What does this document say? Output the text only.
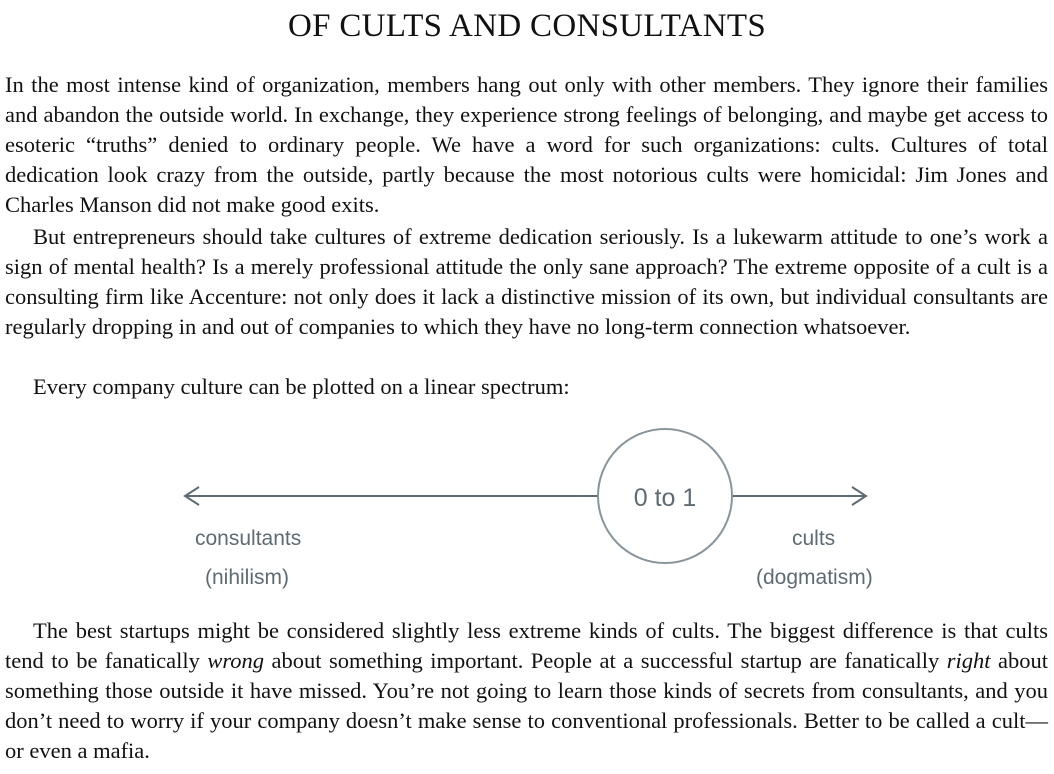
OF CULTS AND CONSULTANTS

In the most intense kind of organization, members hang out only with other members. They ignore their families and abandon the outside world. In exchange, they experience strong feelings of belonging, and maybe get access to esoteric “truths” denied to ordinary people. We have a word for such organizations: cults. Cultures of total dedication look crazy from the outside, partly because the most notorious cults were homicidal: Jim Jones and Charles Manson did not make good exits.

But entrepreneurs should take cultures of extreme dedication seriously. Is a lukewarm attitude to one’s work a sign of mental health? Is a merely professional attitude the only sane approach? The extreme opposite of a cult is a consulting firm like Accenture: not only does it lack a distinctive mission of its own, but individual consultants are regularly dropping in and out of companies to which they have no long-term connection whatsoever.

Every company culture can be plotted on a linear spectrum:

0 to 1
consultants
(nihilism)
cults
(dogmatism)

The best startups might be considered slightly less extreme kinds of cults. The biggest difference is that cults tend to be fanatically wrong about something important. People at a successful startup are fanatically right about something those outside it have missed. You’re not going to learn those kinds of secrets from consultants, and you don’t need to worry if your company doesn’t make sense to conventional professionals. Better to be called a cult—or even a mafia.
